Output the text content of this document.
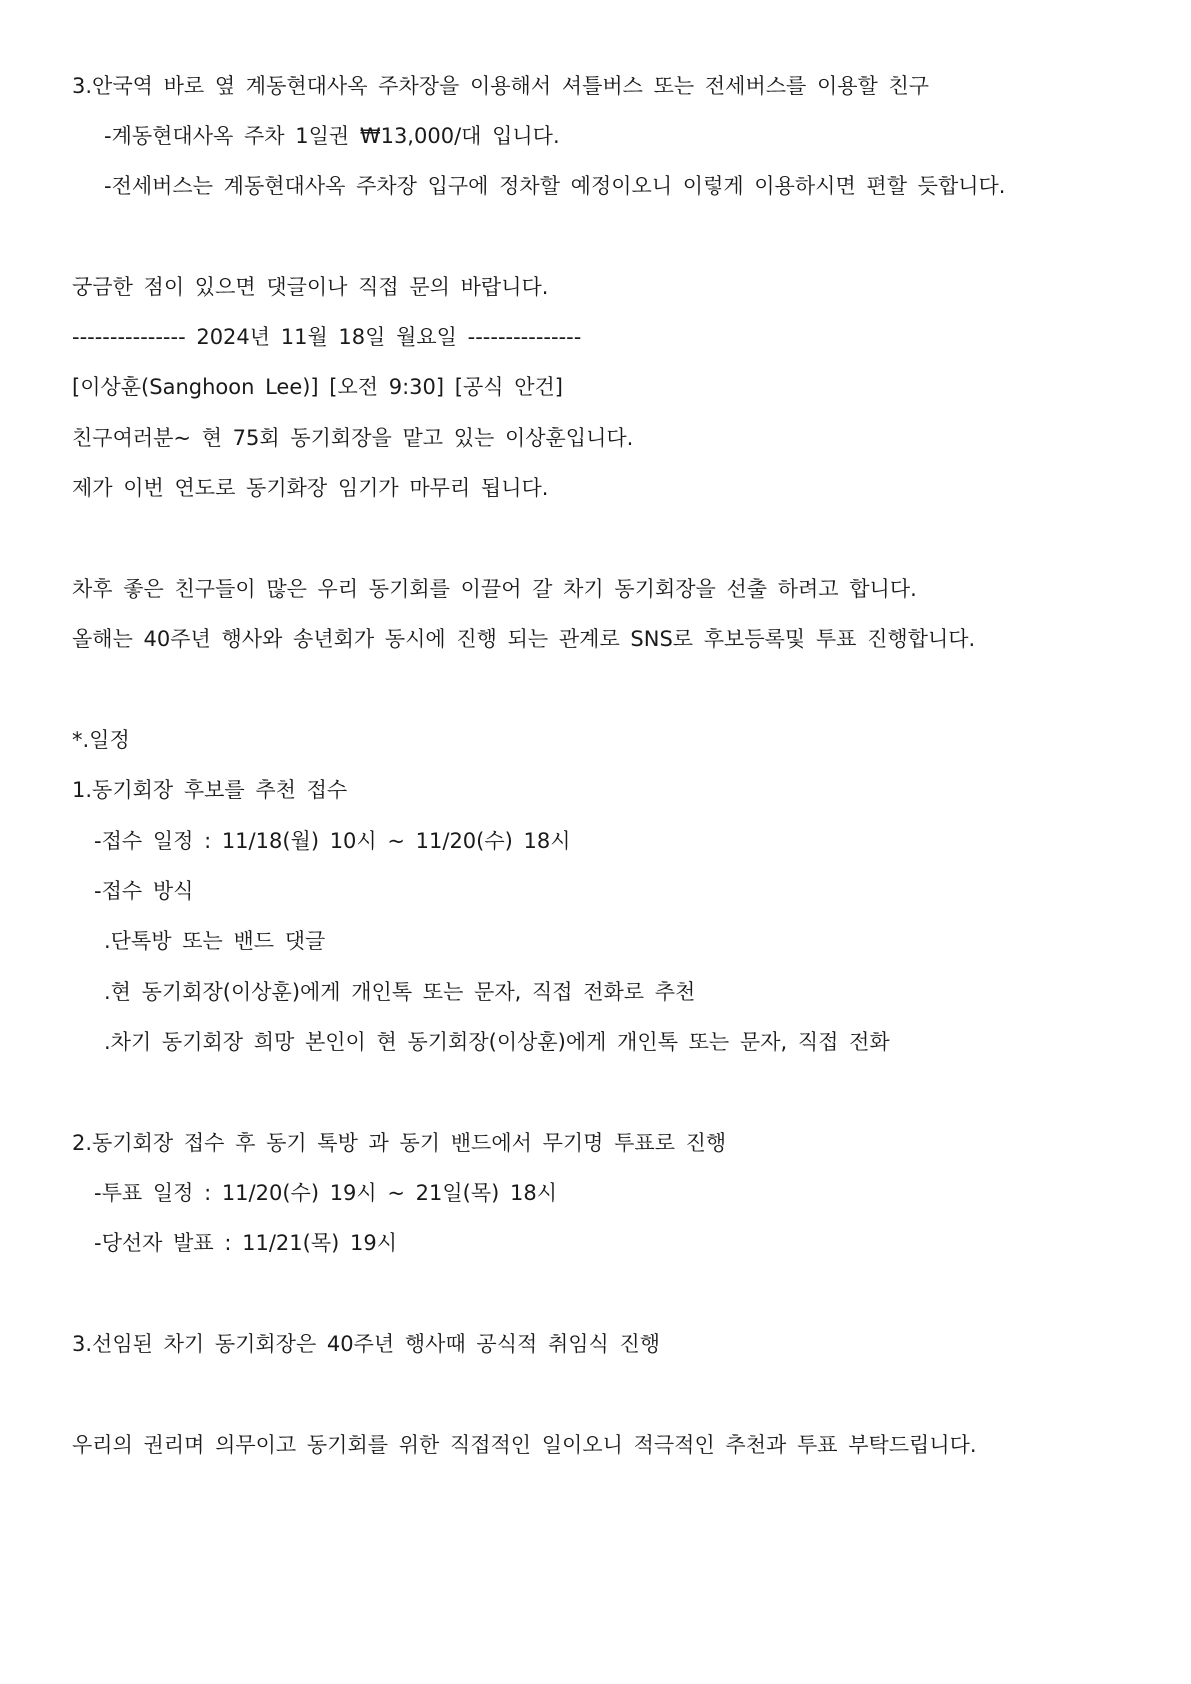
3.안국역 바로 옆 계동현대사옥 주차장을 이용해서 셔틀버스 또는 전세버스를 이용할 친구
-계동현대사옥 주차 1일권 ₩13,000/대 입니다.
-전세버스는 계동현대사옥 주차장 입구에 정차할 예정이오니 이렇게 이용하시면 편할 듯합니다.
궁금한 점이 있으면 댓글이나 직접 문의 바랍니다.
--------------- 2024년 11월 18일 월요일 ---------------
[이상훈(Sanghoon Lee)] [오전 9:30] [공식 안건]
친구여러분~ 현 75회 동기회장을 맡고 있는 이상훈입니다.
제가 이번 연도로 동기화장 임기가 마무리 됩니다.
차후 좋은 친구들이 많은 우리 동기회를 이끌어 갈 차기 동기회장을 선출 하려고 합니다.
올해는 40주년 행사와 송년회가 동시에 진행 되는 관계로 SNS로 후보등록및 투표 진행합니다.
*.일정
1.동기회장 후보를 추천 접수
-접수 일정 : 11/18(월) 10시 ~ 11/20(수) 18시
-접수 방식
.단톡방 또는 밴드 댓글
.현 동기회장(이상훈)에게 개인톡 또는 문자, 직접 전화로 추천
.차기 동기회장 희망 본인이 현 동기회장(이상훈)에게 개인톡 또는 문자, 직접 전화
2.동기회장 접수 후 동기 톡방 과 동기 밴드에서 무기명 투표로 진행
-투표 일정 : 11/20(수) 19시 ~ 21일(목) 18시
-당선자 발표 : 11/21(목) 19시
3.선임된 차기 동기회장은 40주년 행사때 공식적 취임식 진행
우리의 권리며 의무이고 동기회를 위한 직접적인 일이오니 적극적인 추천과 투표 부탁드립니다.
